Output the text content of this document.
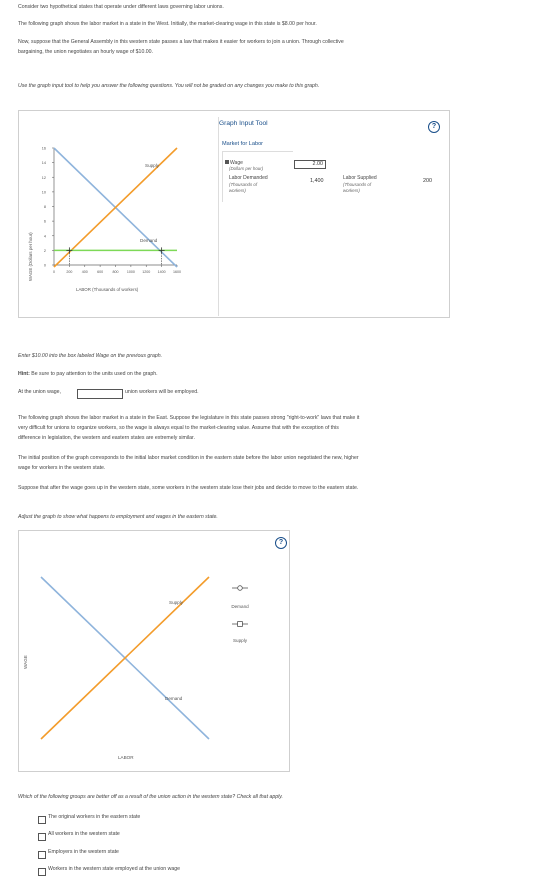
Consider two hypothetical states that operate under different laws governing labor unions.

The following graph shows the labor market in a state in the West. Initially, the market-clearing wage in this state is $8.00 per hour.

Now, suppose that the General Assembly in this western state passes a law that makes it easier for workers to join a union. Through collective

bargaining, the union negotiates an hourly wage of $10.00.

Use the graph input tool to help you answer the following questions. You will not be graded on any changes you make to this graph.

WAGE (Dollars per hour)
16
14
12
10
8
6
4
2
0
0	200	400	600	800 1000 1200 1400 1600
Supply
Demand
LABOR (Thousands of workers)
Graph Input Tool	?
Market for Labor
Wage
(Dollars per hour)
2.00
Labor Demanded
(Thousands of workers)
1,400	Labor Supplied
(Thousands of workers)
200

Enter $10.00 into the box labeled Wage on the previous graph.

Hint: Be sure to pay attention to the units used on the graph.

At the union wage,	union workers will be employed.

The following graph shows the labor market in a state in the East. Suppose the legislature in this state passes strong "right-to-work" laws that make it

very difficult for unions to organize workers, so the wage is always equal to the market-clearing value. Assume that with the exception of this

difference in legislation, the western and eastern states are extremely similar.

The initial position of the graph corresponds to the initial labor market condition in the eastern state before the labor union negotiated the new, higher

wage for workers in the western state.

Suppose that after the wage goes up in the western state, some workers in the western state lose their jobs and decide to move to the eastern state.

Adjust the graph to show what happens to employment and wages in the eastern state.

?
WAGE
Supply
Demand
LABOR
Demand
Supply

Which of the following groups are better off as a result of the union action in the western state? Check all that apply.

The original workers in the eastern state
All workers in the western state
Employers in the western state
Workers in the western state employed at the union wage
